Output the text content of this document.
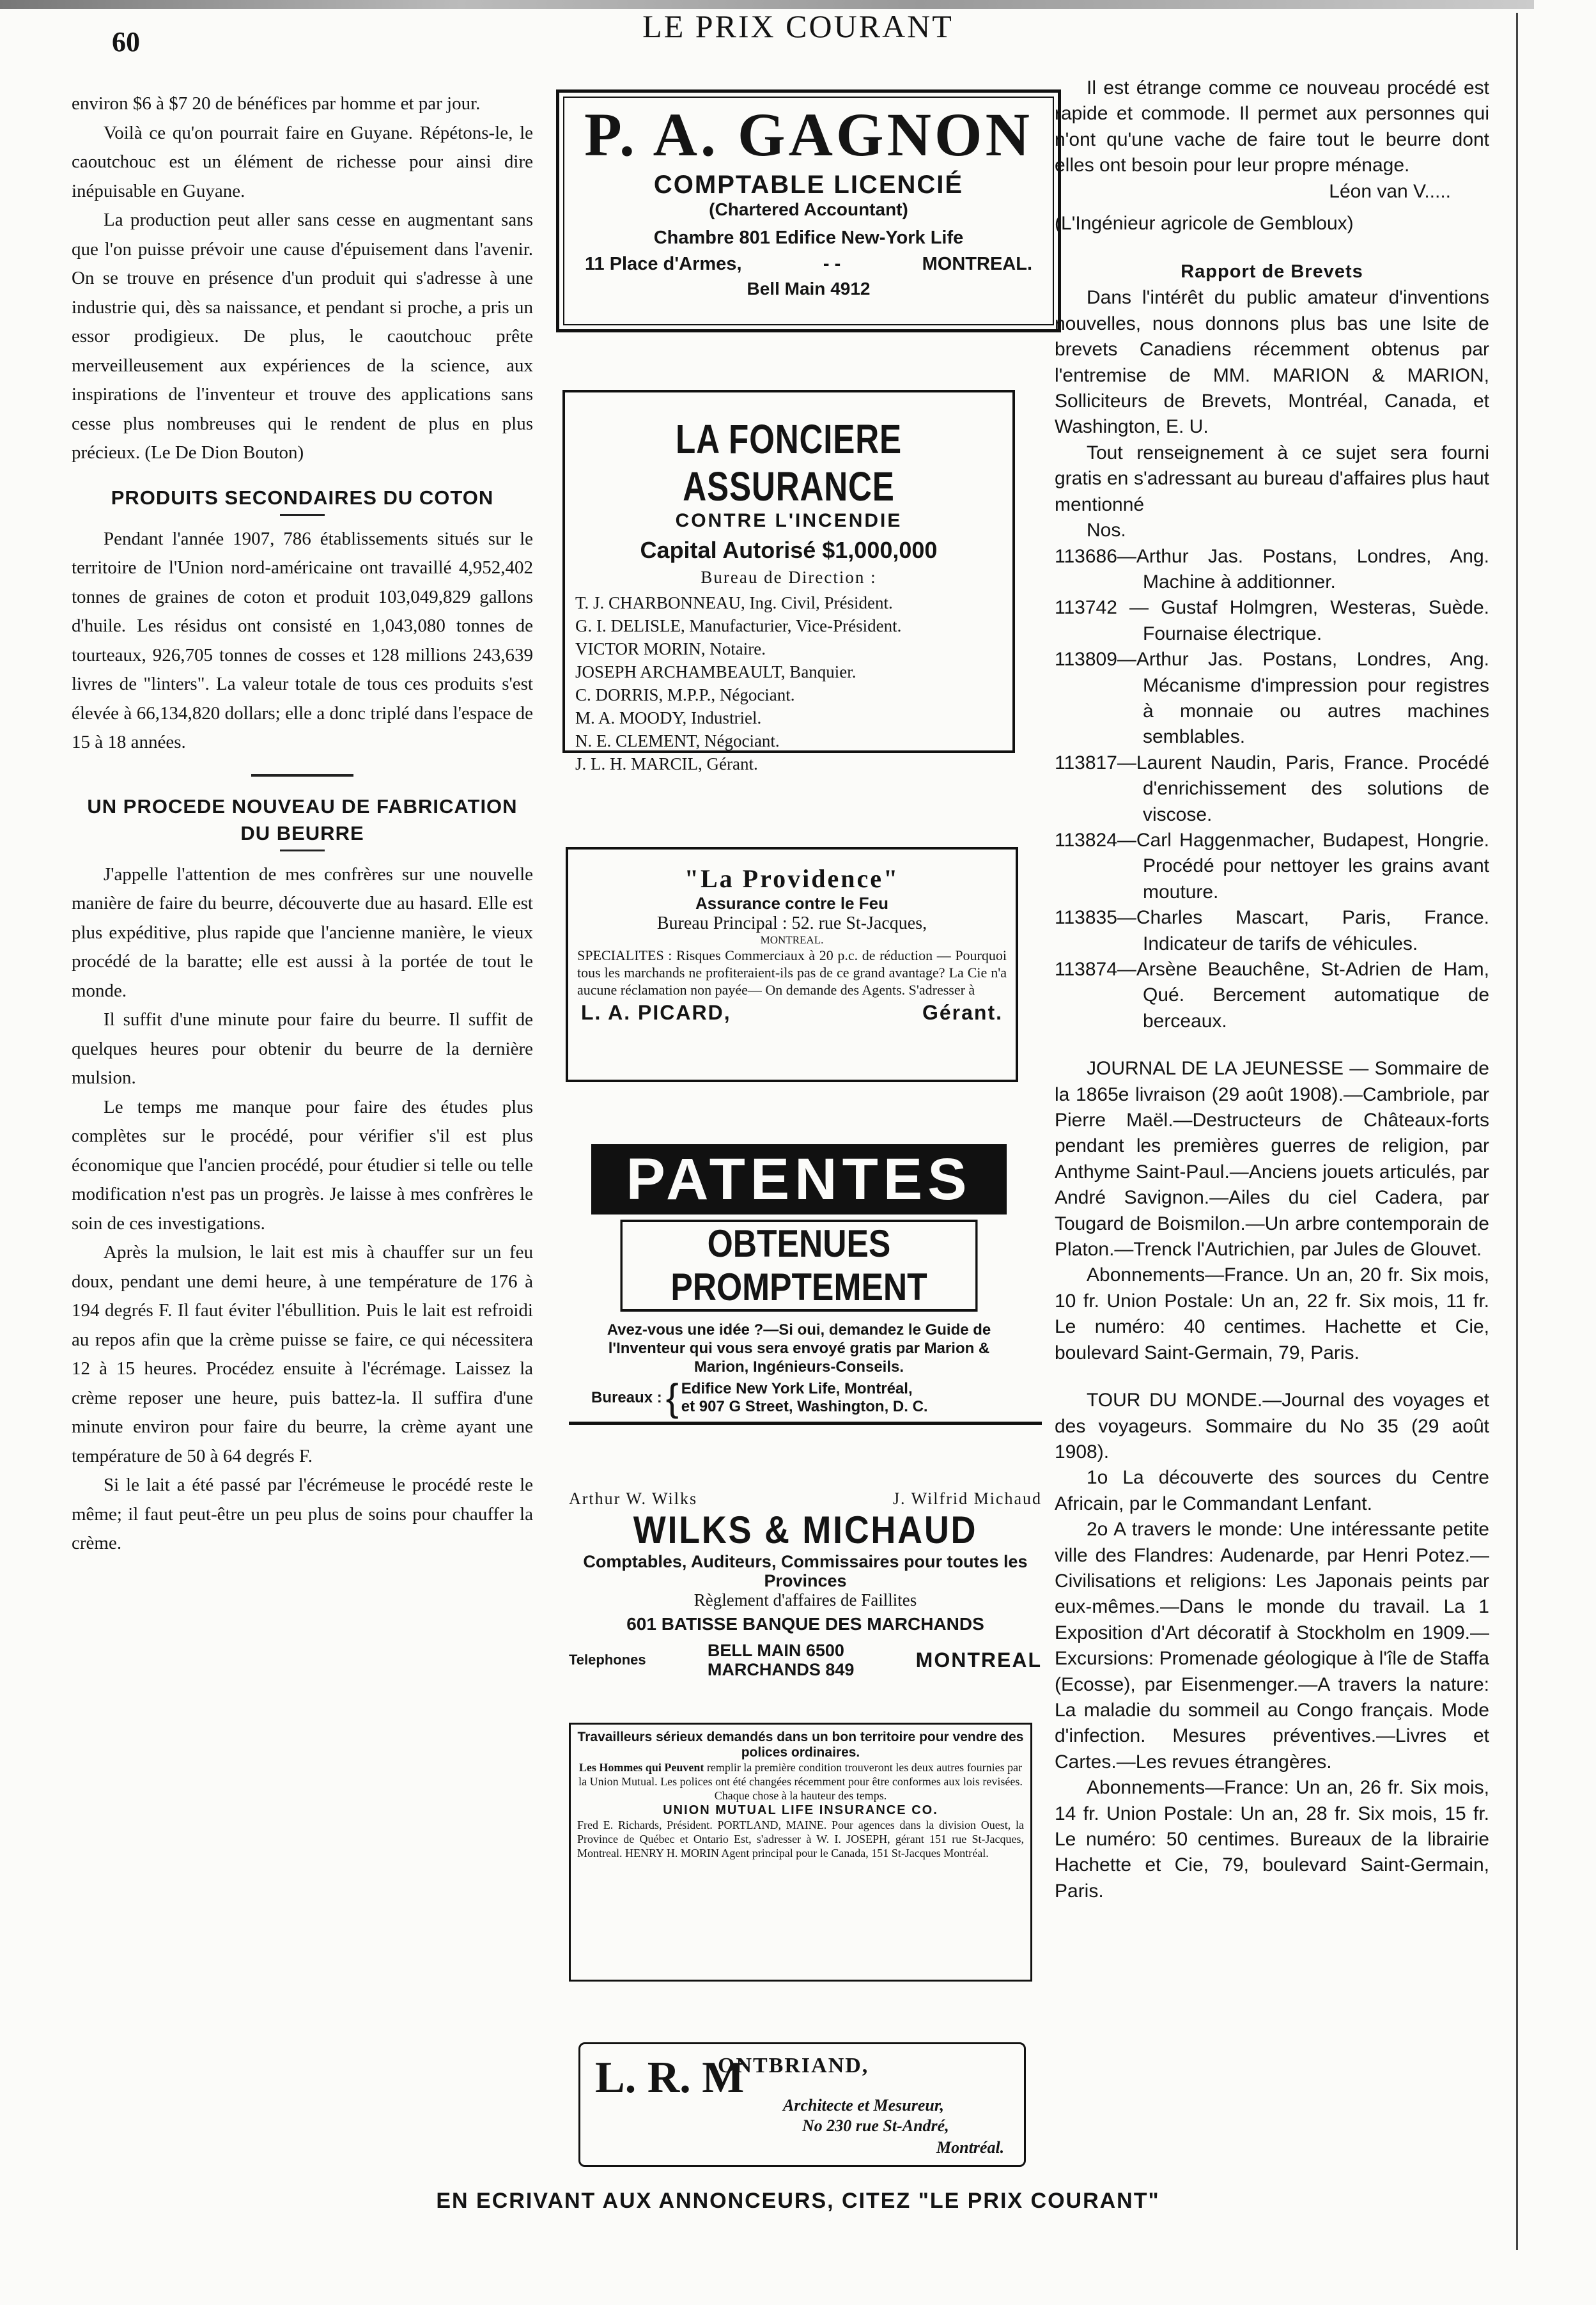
60	LE PRIX COURANT

environ $6 à $7 20 de bénéfices par homme et par jour.

Voilà ce qu'on pourrait faire en Guyane. Répétons-le, le caoutchouc est un élément de richesse pour ainsi dire inépuisable en Guyane.

La production peut aller sans cesse en augmentant sans que l'on puisse prévoir une cause d'épuisement dans l'avenir. On se trouve en présence d'un produit qui s'adresse à une industrie qui, dès sa naissance, et pendant si proche, a pris un essor prodigieux. De plus, le caoutchouc prête merveilleusement aux expériences de la science, aux inspirations de l'inventeur et trouve des applications sans cesse plus nombreuses qui le rendent de plus en plus précieux. (Le De Dion Bouton)

PRODUITS SECONDAIRES DU COTON

Pendant l'année 1907, 786 établissements situés sur le territoire de l'Union nord-américaine ont travaillé 4,952,402 tonnes de graines de coton et produit 103,049,829 gallons d'huile. Les résidus ont consisté en 1,043,080 tonnes de tourteaux, 926,705 tonnes de cosses et 128 millions 243,639 livres de "linters". La valeur totale de tous ces produits s'est élevée à 66,134,820 dollars; elle a donc triplé dans l'espace de 15 à 18 années.

UN PROCEDE NOUVEAU DE FABRICATION DU BEURRE

J'appelle l'attention de mes confrères sur une nouvelle manière de faire du beurre, découverte due au hasard. Elle est plus expéditive, plus rapide que l'ancienne manière, le vieux procédé de la baratte; elle est aussi à la portée de tout le monde.

Il suffit d'une minute pour faire du beurre. Il suffit de quelques heures pour obtenir du beurre de la dernière mulsion.

Le temps me manque pour faire des études plus complètes sur le procédé, pour vérifier s'il est plus économique que l'ancien procédé, pour étudier si telle ou telle modification n'est pas un progrès. Je laisse à mes confrères le soin de ces investigations.

Après la mulsion, le lait est mis à chauffer sur un feu doux, pendant une demi heure, à une température de 176 à 194 degrés F. Il faut éviter l'ébullition. Puis le lait est refroidi au repos afin que la crème puisse se faire, ce qui nécessitera 12 à 15 heures. Procédez ensuite à l'écrémage. Laissez la crème reposer une heure, puis battez-la. Il suffira d'une minute environ pour faire du beurre, la crème ayant une température de 50 à 64 degrés F.

Si le lait a été passé par l'écrémeuse le procédé reste le même; il faut peut-être un peu plus de soins pour chauffer la crème.

P. A. GAGNON
COMPTABLE LICENCIÉ
(Chartered Accountant)
Chambre 801 Edifice New-York Life
11 Place d'Armes,	- -	MONTREAL.
Bell Main 4912
LA FONCIERE ASSURANCE
CONTRE L'INCENDIE
Capital Autorisé $1,000,000
Bureau de Direction :
T. J. CHARBONNEAU, Ing. Civil, Président.
G. I. DELISLE, Manufacturier, Vice-Président.
VICTOR MORIN, Notaire.
JOSEPH ARCHAMBEAULT, Banquier.
C. DORRIS, M.P.P., Négociant.
M. A. MOODY, Industriel.
N. E. CLEMENT, Négociant.
J. L. H. MARCIL, Gérant.
"La Providence"
Assurance contre le Feu
Bureau Principal : 52. rue St-Jacques,
MONTREAL.
SPECIALITES : Risques Commerciaux à 20 p.c. de réduction — Pourquoi tous les marchands ne profiteraient-ils pas de ce grand avantage? La Cie n'a aucune réclamation non payée— On demande des Agents. S'adresser à
L. A. PICARD,	Gérant.
PATENTES
OBTENUES PROMPTEMENT
Avez-vous une idée ?—Si oui, demandez le Guide de l'Inventeur qui vous sera envoyé gratis par Marion & Marion, Ingénieurs-Conseils.
Bureaux : { Edifice New York Life, Montréal,
et 907 G Street, Washington, D. C.
Arthur W. Wilks	J. Wilfrid Michaud
WILKS & MICHAUD
Comptables, Auditeurs, Commissaires pour toutes les Provinces
Règlement d'affaires de Faillites
601 BATISSE BANQUE DES MARCHANDS
Telephones	BELL MAIN 6500
MARCHANDS 849	MONTREAL
Travailleurs sérieux demandés dans un bon territoire pour vendre des polices ordinaires.
Les Hommes qui Peuvent remplir la première condition trouveront les deux autres fournies par la Union Mutual. Les polices ont été changées récemment pour être conformes aux lois revisées. Chaque chose à la hauteur des temps.
UNION MUTUAL LIFE INSURANCE CO.
Fred E. Richards, Président. PORTLAND, MAINE. Pour agences dans la division Ouest, la Province de Québec et Ontario Est, s'adresser à W. I. JOSEPH, gérant 151 rue St-Jacques, Montreal. HENRY H. MORIN Agent principal pour le Canada, 151 St-Jacques Montréal.
L. R. M
ONTBRIAND,
Architecte et Mesureur,
No 230 rue St-André,
Montréal.

Il est étrange comme ce nouveau procédé est rapide et commode. Il permet aux personnes qui n'ont qu'une vache de faire tout le beurre dont elles ont besoin pour leur propre ménage.

Léon van V.....

(L'Ingénieur agricole de Gembloux)

Rapport de Brevets

Dans l'intérêt du public amateur d'inventions nouvelles, nous donnons plus bas une lsite de brevets Canadiens récemment obtenus par l'entremise de MM. MARION & MARION, Solliciteurs de Brevets, Montréal, Canada, et Washington, E. U.

Tout renseignement à ce sujet sera fourni gratis en s'adressant au bureau d'affaires plus haut mentionné

Nos.

113686—Arthur Jas. Postans, Londres, Ang. Machine à additionner.

113742 — Gustaf Holmgren, Westeras, Suède. Fournaise électrique.

113809—Arthur Jas. Postans, Londres, Ang. Mécanisme d'impression pour registres à monnaie ou autres machines semblables.

113817—Laurent Naudin, Paris, France. Procédé d'enrichissement des solutions de viscose.

113824—Carl Haggenmacher, Budapest, Hongrie. Procédé pour nettoyer les grains avant mouture.

113835—Charles Mascart, Paris, France. Indicateur de tarifs de véhicules.

113874—Arsène Beauchêne, St-Adrien de Ham, Qué. Bercement automatique de berceaux.

JOURNAL DE LA JEUNESSE — Sommaire de la 1865e livraison (29 août 1908).—Cambriole, par Pierre Maël.—Destructeurs de Châteaux-forts pendant les premières guerres de religion, par Anthyme Saint-Paul.—Anciens jouets articulés, par André Savignon.—Ailes du ciel Cadera, par Tougard de Boismilon.—Un arbre contemporain de Platon.—Trenck l'Autrichien, par Jules de Glouvet.

Abonnements—France. Un an, 20 fr. Six mois, 10 fr. Union Postale: Un an, 22 fr. Six mois, 11 fr. Le numéro: 40 centimes. Hachette et Cie, boulevard Saint-Germain, 79, Paris.

TOUR DU MONDE.—Journal des voyages et des voyageurs. Sommaire du No 35 (29 août 1908).

1o La découverte des sources du Centre Africain, par le Commandant Lenfant.

2o A travers le monde: Une intéressante petite ville des Flandres: Audenarde, par Henri Potez.—Civilisations et religions: Les Japonais peints par eux-mêmes.—Dans le monde du travail. La 1 Exposition d'Art décoratif à Stockholm en 1909.—Excursions: Promenade géologique à l'île de Staffa (Ecosse), par Eisenmenger.—A travers la nature: La maladie du sommeil au Congo français. Mode d'infection. Mesures préventives.—Livres et Cartes.—Les revues étrangères.

Abonnements—France: Un an, 26 fr. Six mois, 14 fr. Union Postale: Un an, 28 fr. Six mois, 15 fr. Le numéro: 50 centimes. Bureaux de la librairie Hachette et Cie, 79, boulevard Saint-Germain, Paris.

EN ECRIVANT AUX ANNONCEURS, CITEZ "LE PRIX COURANT"
